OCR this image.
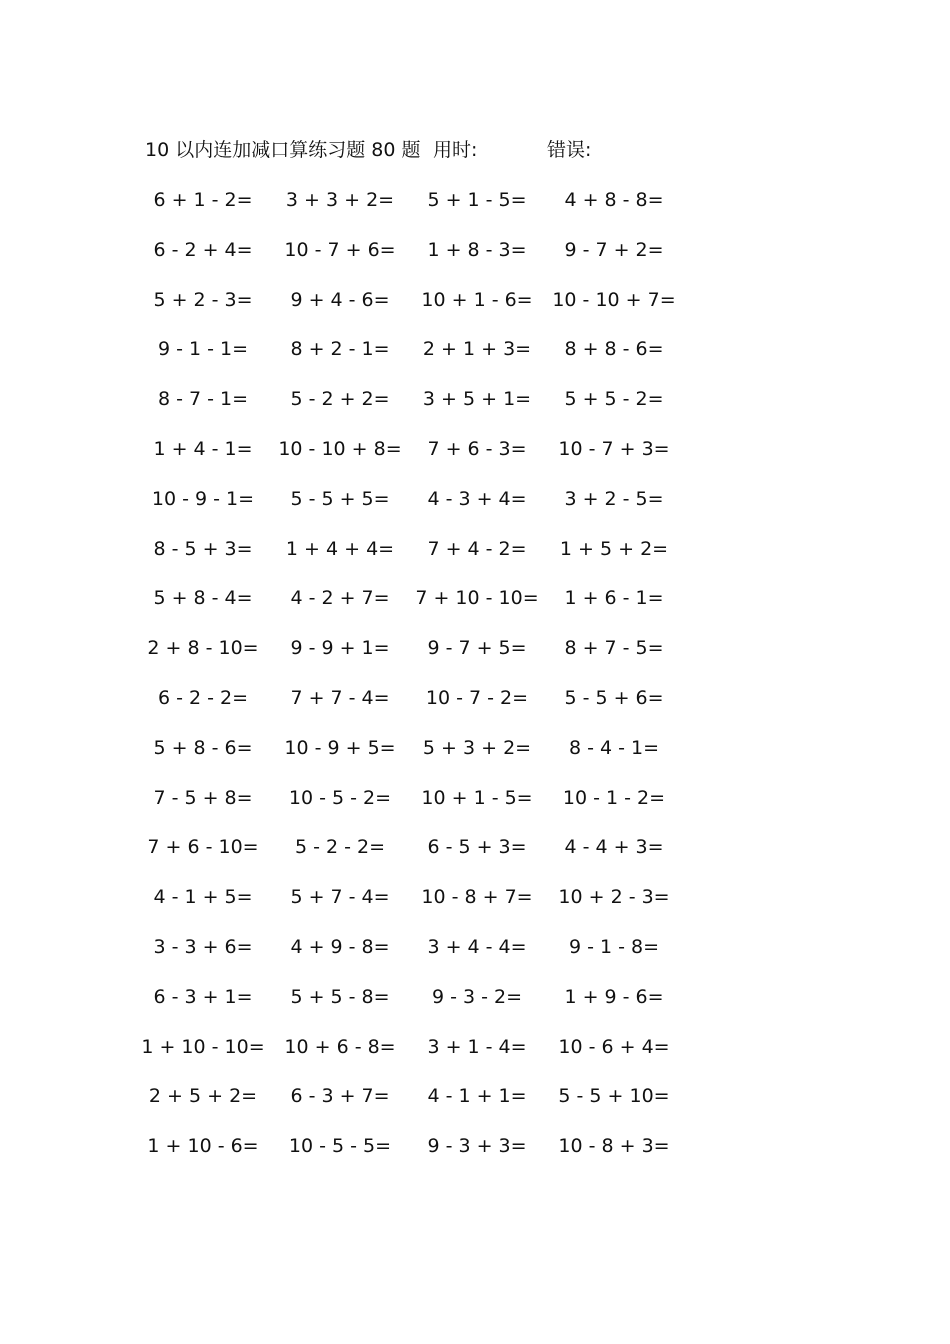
10 以内连加减口算练习题 80 题 用时:	错误:
6 + 1 - 2=	3 + 3 + 2=	5 + 1 - 5=	4 + 8 - 8=
6 - 2 + 4=	10 - 7 + 6=	1 + 8 - 3=	9 - 7 + 2=
5 + 2 - 3=	9 + 4 - 6=	10 + 1 - 6=	10 - 10 + 7=
9 - 1 - 1=	8 + 2 - 1=	2 + 1 + 3=	8 + 8 - 6=
8 - 7 - 1=	5 - 2 + 2=	3 + 5 + 1=	5 + 5 - 2=
1 + 4 - 1=	10 - 10 + 8=	7 + 6 - 3=	10 - 7 + 3=
10 - 9 - 1=	5 - 5 + 5=	4 - 3 + 4=	3 + 2 - 5=
8 - 5 + 3=	1 + 4 + 4=	7 + 4 - 2=	1 + 5 + 2=
5 + 8 - 4=	4 - 2 + 7=	7 + 10 - 10=	1 + 6 - 1=
2 + 8 - 10=	9 - 9 + 1=	9 - 7 + 5=	8 + 7 - 5=
6 - 2 - 2=	7 + 7 - 4=	10 - 7 - 2=	5 - 5 + 6=
5 + 8 - 6=	10 - 9 + 5=	5 + 3 + 2=	8 - 4 - 1=
7 - 5 + 8=	10 - 5 - 2=	10 + 1 - 5=	10 - 1 - 2=
7 + 6 - 10=	5 - 2 - 2=	6 - 5 + 3=	4 - 4 + 3=
4 - 1 + 5=	5 + 7 - 4=	10 - 8 + 7=	10 + 2 - 3=
3 - 3 + 6=	4 + 9 - 8=	3 + 4 - 4=	9 - 1 - 8=
6 - 3 + 1=	5 + 5 - 8=	9 - 3 - 2=	1 + 9 - 6=
1 + 10 - 10=	10 + 6 - 8=	3 + 1 - 4=	10 - 6 + 4=
2 + 5 + 2=	6 - 3 + 7=	4 - 1 + 1=	5 - 5 + 10=
1 + 10 - 6=	10 - 5 - 5=	9 - 3 + 3=	10 - 8 + 3=
